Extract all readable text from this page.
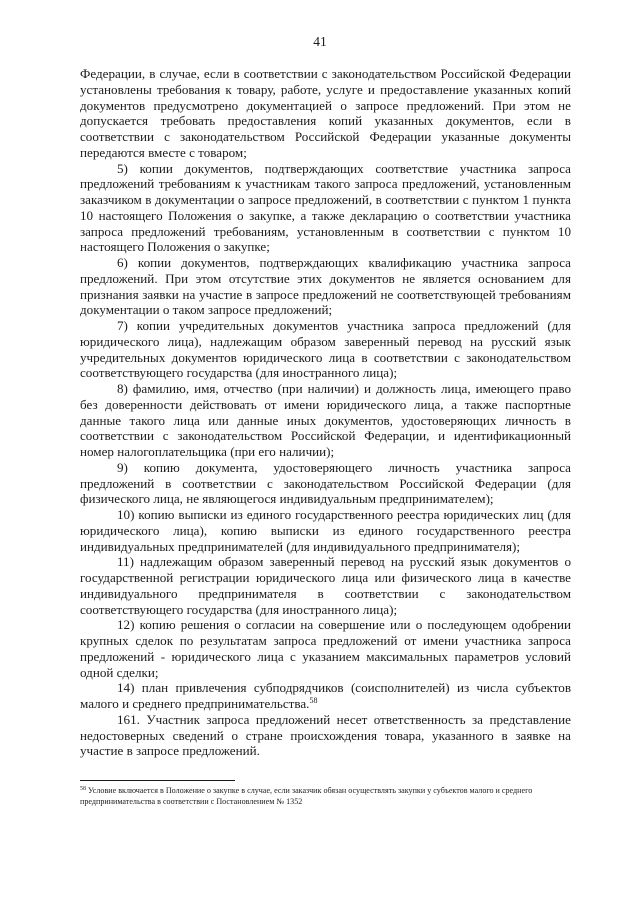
41

Федерации, в случае, если в соответствии с законодательством Российской Федерации установлены требования к товару, работе, услуге и предоставление указанных копий документов предусмотрено документацией о запросе предложений. При этом не допускается требовать предоставления копий указанных документов, если в соответствии с законодательством Российской Федерации указанные документы передаются вместе с товаром;

5) копии документов, подтверждающих соответствие участника запроса предложений требованиям к участникам такого запроса предложений, установленным заказчиком в документации о запросе предложений, в соответствии с пунктом 1 пункта 10 настоящего Положения о закупке, а также декларацию о соответствии участника запроса предложений требованиям, установленным в соответствии с пунктом 10 настоящего Положения о закупке;

6) копии документов, подтверждающих квалификацию участника запроса предложений. При этом отсутствие этих документов не является основанием для признания заявки на участие в запросе предложений не соответствующей требованиям документации о таком запросе предложений;

7) копии учредительных документов участника запроса предложений (для юридического лица), надлежащим образом заверенный перевод на русский язык учредительных документов юридического лица в соответствии с законодательством соответствующего государства (для иностранного лица);

8) фамилию, имя, отчество (при наличии) и должность лица, имеющего право без доверенности действовать от имени юридического лица, а также паспортные данные такого лица или данные иных документов, удостоверяющих личность в соответствии с законодательством Российской Федерации, и идентификационный номер налогоплательщика (при его наличии);

9) копию документа, удостоверяющего личность участника запроса предложений в соответствии с законодательством Российской Федерации (для физического лица, не являющегося индивидуальным предпринимателем);

10) копию выписки из единого государственного реестра юридических лиц (для юридического лица), копию выписки из единого государственного реестра индивидуальных предпринимателей (для индивидуального предпринимателя);

11) надлежащим образом заверенный перевод на русский язык документов о государственной регистрации юридического лица или физического лица в качестве индивидуального предпринимателя в соответствии с законодательством соответствующего государства (для иностранного лица);

12) копию решения о согласии на совершение или о последующем одобрении крупных сделок по результатам запроса предложений от имени участника запроса предложений - юридического лица с указанием максимальных параметров условий одной сделки;

14) план привлечения субподрядчиков (соисполнителей) из числа субъектов малого и среднего предпринимательства.$^{58}$

161. Участник запроса предложений несет ответственность за представление недостоверных сведений о стране происхождения товара, указанного в заявке на участие в запросе предложений.

$^{58}$ Условие включается в Положение о закупке в случае, если заказчик обязан осуществлять закупки у субъектов малого и среднего предпринимательства в соответствии с Постановлением № 1352
